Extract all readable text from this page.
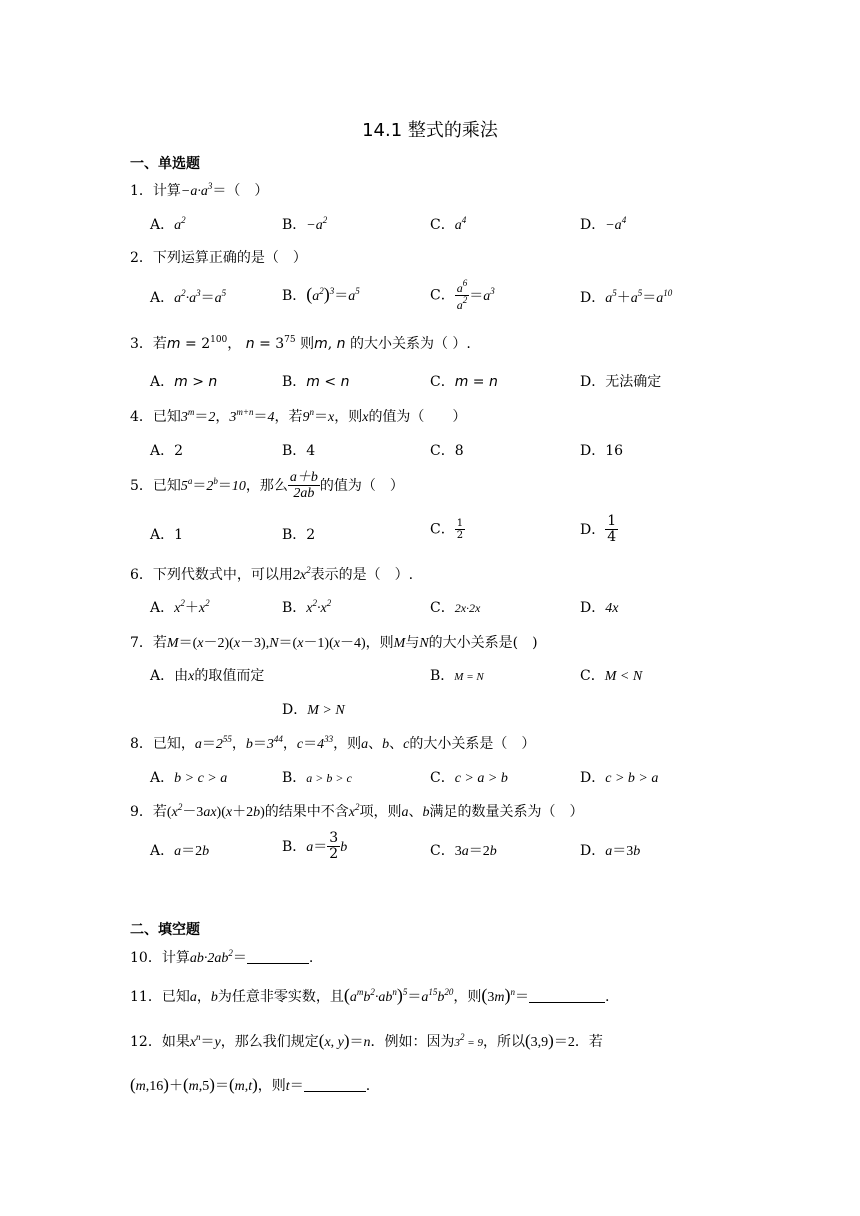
14.1 整式的乘法
一、单选题
1．计算$-a\cdot a^3=$（　）
A．$a^2$	B．$-a^2$	C．$a^4$	D．$-a^4$
2．下列运算正确的是（　）
A．$a^2\cdot a^3=a^5$	B．$(a^2)^3=a^5$	C． $\frac{a^6}{a^2} =a^3$	D．$a^5+a^5=a^{10}$
3．若$m = 2^{100}$， $n = 3^{75}$ 则m, n 的大小关系为（ ）.
A．m > n	B．m < n	C．m = n	D．无法确定
4．已知$3^m=2$，$3^{m+n}=4$，若$9^n=x$，则x的值为（　　）
A．2	B．4	C．8	D．16
5．已知$5^a=2^b=10$，那么 $\frac{a+b}{2ab}$ 的值为（　）
A．1	B．2	C． $\frac{1}{2}$	D． $\frac{1}{4}$
6．下列代数式中，可以用$2x^2$表示的是（　）.
A．$x^2+x^2$	B．$x^2\cdot x^2$	C．2x·2x	D．4x
7．若M＝(x－2)(x－3),N＝(x－1)(x－4)，则M与N的大小关系是(　)
A．由x的取值而定	B．M = N	C．M < N
D．M > N
8．已知，$a=2^{55}$，$b=3^{44}$，$c=4^{33}$，则a、b、c的大小关系是（　）
A．b > c > a	B．a > b > c	C．c > a > b	D．c > b > a
9．若$(x^2-3ax)(x+2b)$的结果中不含$x^2$项，则a、b满足的数量关系为（　）
A．a＝2b	B．$a= \frac{3}{2}$ b	C．3a＝2b	D．a＝3b
二、填空题
10．计算$ab\cdot 2ab^2=$	.
11．已知a，b为任意非零实数，且$(a^mb^2\cdot ab^n)^5=a^{15}b^{20}$，则$(3m)^n=$	.
12．如果$x^n=y$，那么我们规定(x, y)＝n．例如：因为$3^2 = 9$，所以(3,9)＝2．若
(m,16)＋(m,5)＝(m,t)，则t＝	.
